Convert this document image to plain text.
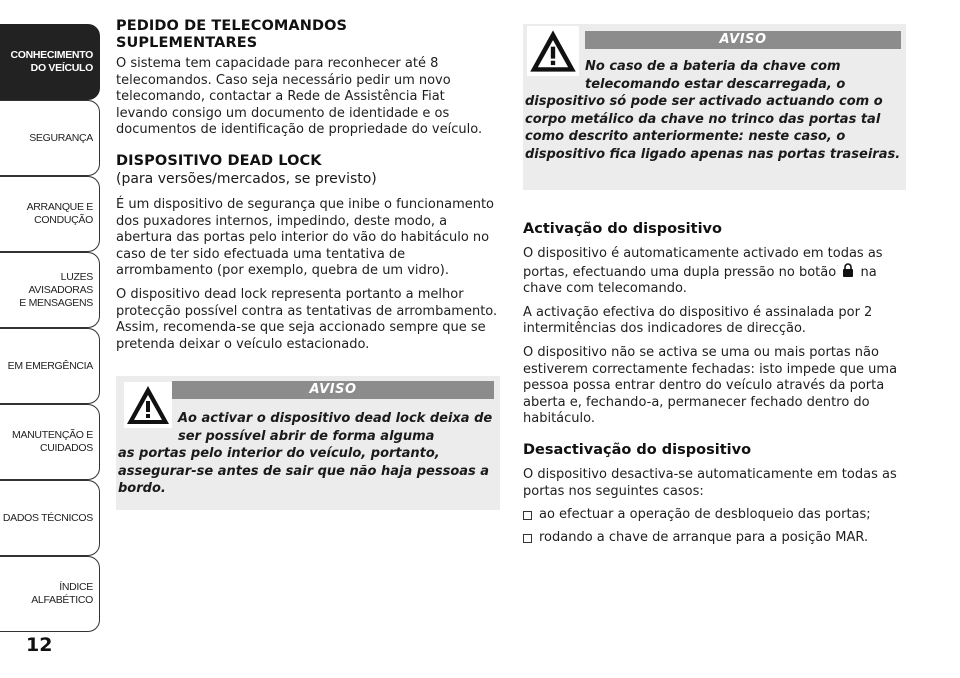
CONHECIMENTO
DO VEÍCULO
SEGURANÇA
ARRANQUE E
CONDUÇÃO
LUZES AVISADORAS
E MENSAGENS
EM EMERGÊNCIA
MANUTENÇÃO E
CUIDADOS
DADOS TÉCNICOS
ÍNDICE ALFABÉTICO
12
PEDIDO DE TELECOMANDOS
SUPLEMENTARES

O sistema tem capacidade para reconhecer até 8 telecomandos. Caso seja necessário pedir um novo telecomando, contactar a Rede de Assistência Fiat levando consigo um documento de identidade e os documentos de identificação de propriedade do veículo.

DISPOSITIVO DEAD LOCK
(para versões/mercados, se previsto)

É um dispositivo de segurança que inibe o funcionamento dos puxadores internos, impedindo, deste modo, a abertura das portas pelo interior do vão do habitáculo no caso de ter sido efectuada uma tentativa de arrombamento (por exemplo, quebra de um vidro).

O dispositivo dead lock representa portanto a melhor protecção possível contra as tentativas de arrombamento. Assim, recomenda-se que seja accionado sempre que se pretenda deixar o veículo estacionado.

AVISO
Ao activar o dispositivo dead lock deixa de ser possível abrir de forma alguma
as portas pelo interior do veículo, portanto, assegurar-se antes de sair que não haja pessoas a bordo.
AVISO
No caso de a bateria da chave com telecomando estar descarregada, o
dispositivo só pode ser activado actuando com o corpo metálico da chave no trinco das portas tal como descrito anteriormente: neste caso, o dispositivo fica ligado apenas nas portas traseiras.
Activação do dispositivo

O dispositivo é automaticamente activado em todas as portas, efectuando uma dupla pressão no botão na chave com telecomando.

A activação efectiva do dispositivo é assinalada por 2 intermitências dos indicadores de direcção.

O dispositivo não se activa se uma ou mais portas não estiverem correctamente fechadas: isto impede que uma pessoa possa entrar dentro do veículo através da porta aberta e, fechando-a, permanecer fechado dentro do habitáculo.

Desactivação do dispositivo

O dispositivo desactiva-se automaticamente em todas as portas nos seguintes casos:

ao efectuar a operação de desbloqueio das portas;
rodando a chave de arranque para a posição MAR.
